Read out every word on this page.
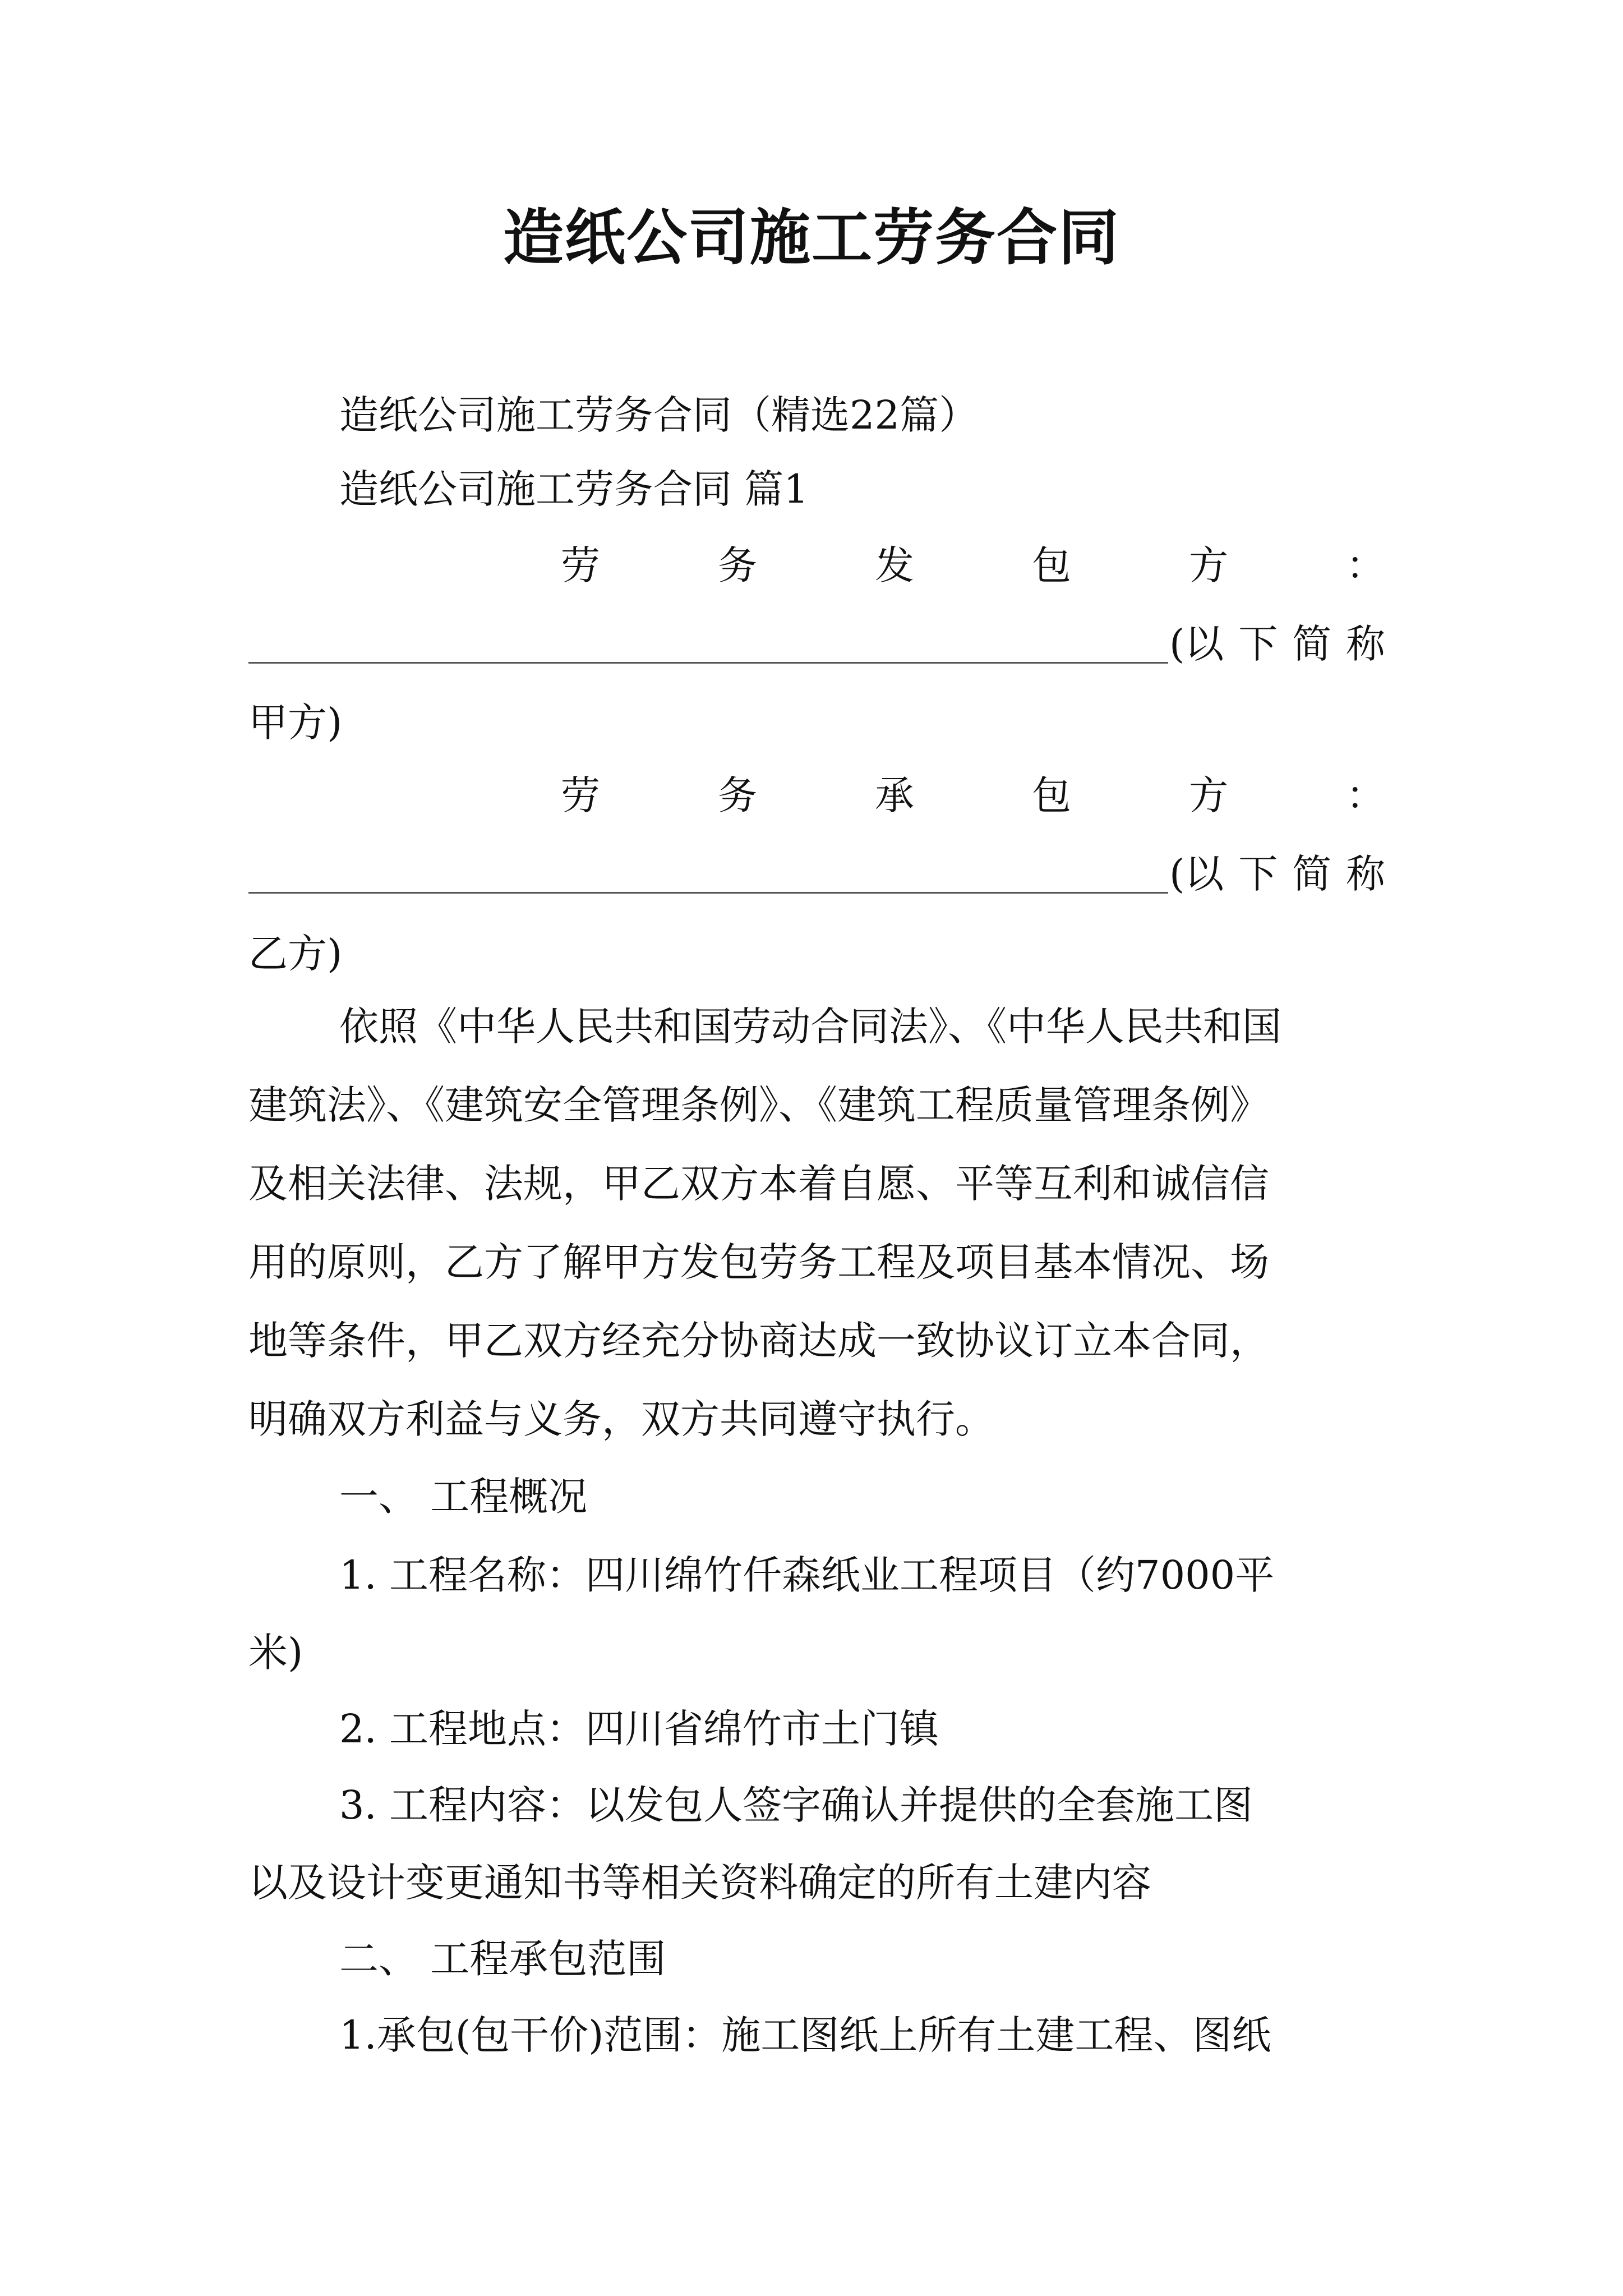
造纸公司施工劳务合同
造纸公司施工劳务合同（精选22篇）
造纸公司施工劳务合同 篇1
劳	务	发	包	方	：
(以 下 简 称
甲方)
劳	务	承	包	方	：
(以 下 简 称
乙方)
依照《中华人民共和国劳动合同法》、《中华人民共和国
建筑法》、《建筑安全管理条例》、《建筑工程质量管理条例》
及相关法律、法规，甲乙双方本着自愿、平等互利和诚信信
用的原则，乙方了解甲方发包劳务工程及项目基本情况、场
地等条件，甲乙双方经充分协商达成一致协议订立本合同，
明确双方利益与义务，双方共同遵守执行。
一、 工程概况
1. 工程名称：四川绵竹仟森纸业工程项目（约7000平
米)
2. 工程地点：四川省绵竹市土门镇
3. 工程内容：以发包人签字确认并提供的全套施工图
以及设计变更通知书等相关资料确定的所有土建内容
二、 工程承包范围
1.承包(包干价)范围：施工图纸上所有土建工程、图纸
